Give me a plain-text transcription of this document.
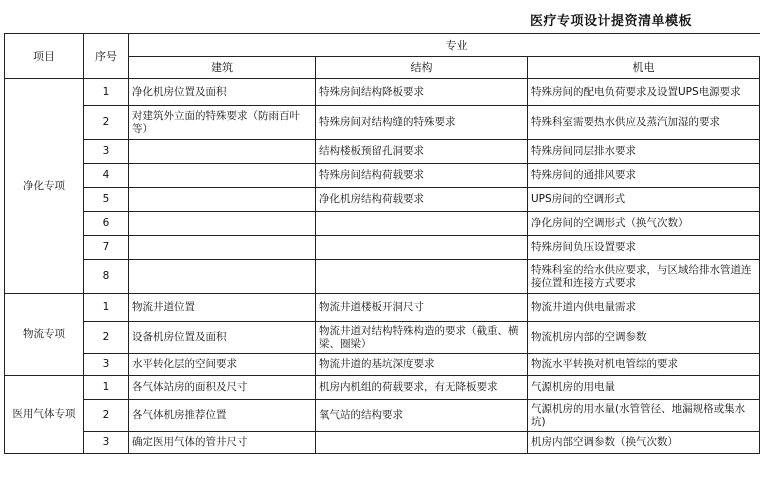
医疗专项设计提资清单模板
项目	序号	专业			
		建筑	结构	机电	
净化专项	1	净化机房位置及面积	特殊房间结构降板要求	特殊房间的配电负荷要求及设置UPS电源要求	
	2	对建筑外立面的特殊要求（防雨百叶等）	特殊房间对结构缝的特殊要求	特殊科室需要热水供应及蒸汽加湿的要求	
	3		结构楼板预留孔洞要求	特殊房间同层排水要求	
	4		特殊房间结构荷载要求	特殊房间的通排风要求	
	5		净化机房结构荷载要求	UPS房间的空调形式	
	6			净化房间的空调形式（换气次数）	
	7			特殊房间负压设置要求	
	8			特殊科室的给水供应要求，与区域给排水管道连接位置和连接方式要求	
物流专项	1	物流井道位置	物流井道楼板开洞尺寸	物流井道内供电量需求	
	2	设备机房位置及面积	物流井道对结构特殊构造的要求（截重、横梁、圈梁）	物流机房内部的空调参数	
	3	水平转化层的空间要求	物流井道的基坑深度要求	物流水平转换对机电管综的要求	
医用气体专项	1	各气体站房的面积及尺寸	机房内机组的荷载要求，有无降板要求	气源机房的用电量	
	2	各气体机房推荐位置	氧气站的结构要求	气源机房的用水量(水管管径、地漏规格或集水坑)	
	3	确定医用气体的管井尺寸		机房内部空调参数（换气次数）	
